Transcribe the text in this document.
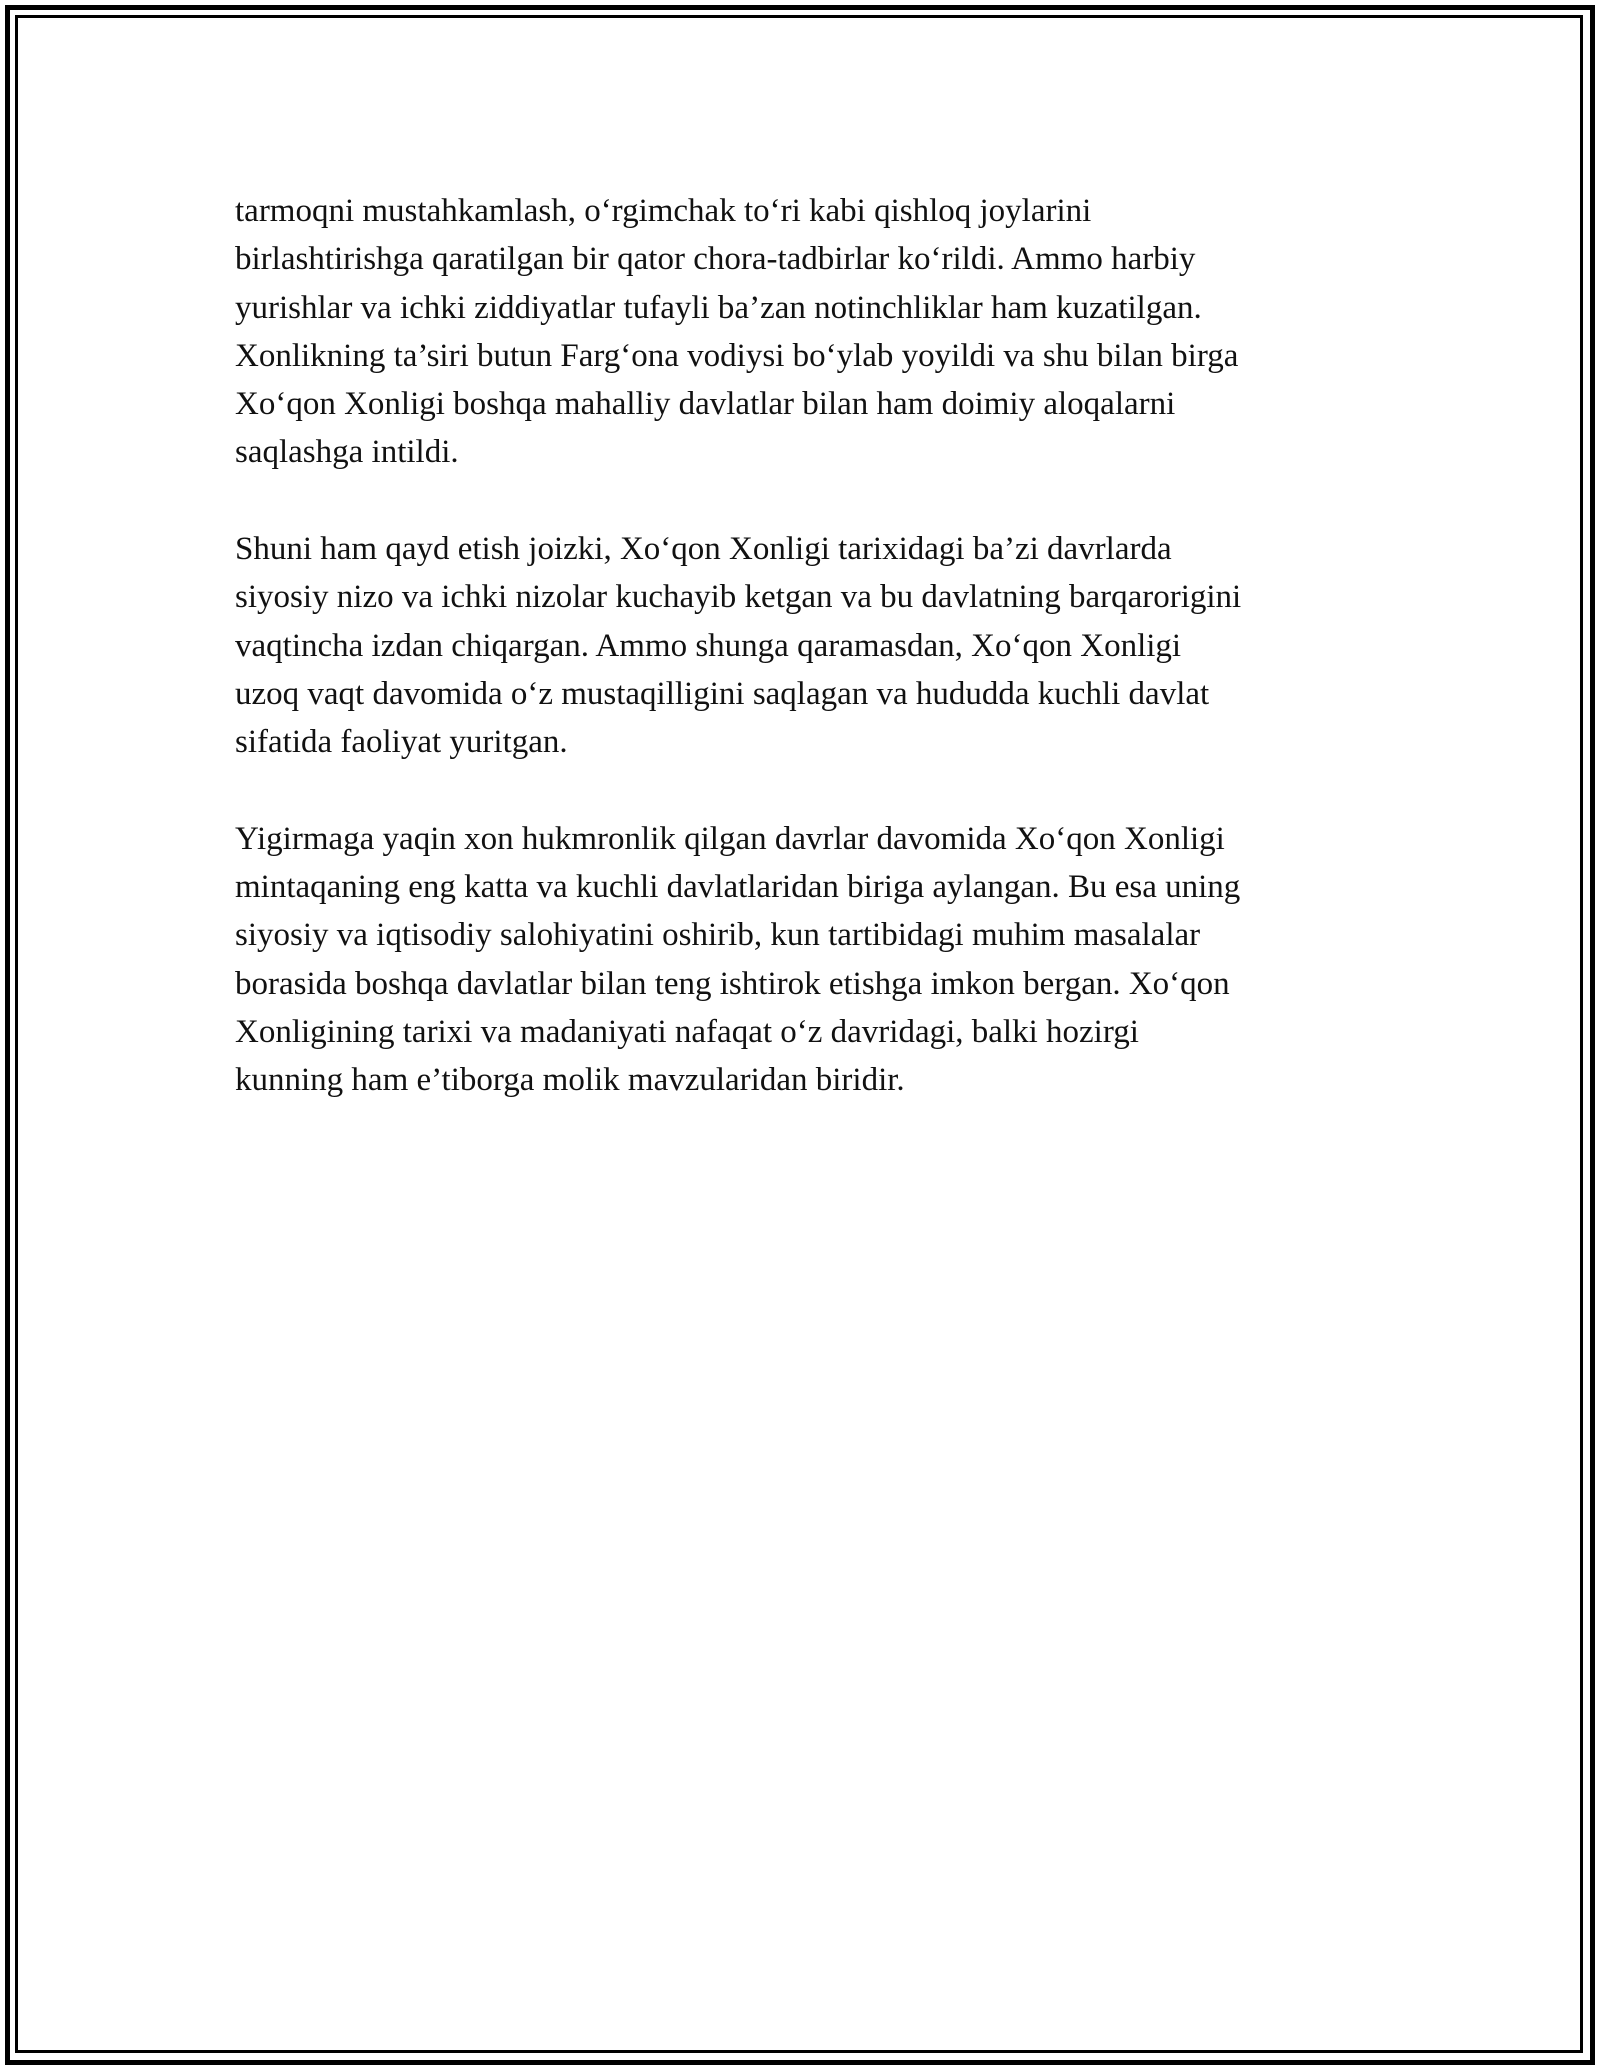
tarmoqni mustahkamlash, o‘rgimchak to‘ri kabi qishloq joylarini
birlashtirishga qaratilgan bir qator chora-tadbirlar ko‘rildi. Ammo harbiy
yurishlar va ichki ziddiyatlar tufayli ba’zan notinchliklar ham kuzatilgan.
Xonlikning ta’siri butun Farg‘ona vodiysi bo‘ylab yoyildi va shu bilan birga
Xo‘qon Xonligi boshqa mahalliy davlatlar bilan ham doimiy aloqalarni
saqlashga intildi.

Shuni ham qayd etish joizki, Xo‘qon Xonligi tarixidagi ba’zi davrlarda
siyosiy nizo va ichki nizolar kuchayib ketgan va bu davlatning barqarorigini
vaqtincha izdan chiqargan. Ammo shunga qaramasdan, Xo‘qon Xonligi
uzoq vaqt davomida o‘z mustaqilligini saqlagan va hududda kuchli davlat
sifatida faoliyat yuritgan.

Yigirmaga yaqin xon hukmronlik qilgan davrlar davomida Xo‘qon Xonligi
mintaqaning eng katta va kuchli davlatlaridan biriga aylangan. Bu esa uning
siyosiy va iqtisodiy salohiyatini oshirib, kun tartibidagi muhim masalalar
borasida boshqa davlatlar bilan teng ishtirok etishga imkon bergan. Xo‘qon
Xonligining tarixi va madaniyati nafaqat o‘z davridagi, balki hozirgi
kunning ham e’tiborga molik mavzularidan biridir.
